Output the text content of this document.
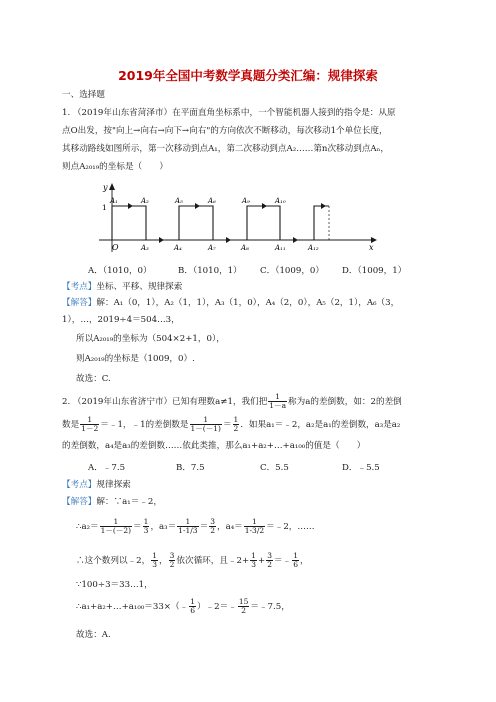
2019年全国中考数学真题分类汇编：规律探索
一、选择题
1. （2019年山东省菏泽市）在平面直角坐标系中，一个智能机器人接到的指令是：从原
点O出发，按"向上→向右→向下→向右"的方向依次不断移动，每次移动1个单位长度，
其移动路线如图所示，第一次移动到点A₁，第二次移动到点A₂……第n次移动到点Aₙ，
则点A₂₀₁₉的坐标是（　　）
y
x
O
1
A₁	A₂	A₅	A₆	A₉	A₁₀
A₃	A₄	A₇	A₈	A₁₁	A₁₂
A．（1010，0）	B．（1010，1） C．（1009，0） D．（1009，1）
【考点】坐标、平移、规律探索
【解答】解：A₁（0，1），A₂（1，1），A₃（1，0），A₄（2，0），A₅（2，1），A₆（3，
1），…，2019÷4＝504…3，
所以A₂₀₁₉的坐标为（504×2+1，0），
则A₂₀₁₉的坐标是（1009，0）.
故选：C.
2. （2019年山东省济宁市）已知有理数a≠1，我们把 $\frac{1}{1-a}$ 称为a的差倒数，如：2的差倒
数是 $\frac{1}{1-2}$ ＝﹣1，﹣1的差倒数是 $\frac{1}{1-(-1)} = \frac{1}{2}$ ．如果a₁＝﹣2，a₂是a₁的差倒数，a₃是a₂
的差倒数，a₄是a₃的差倒数……依此类推，那么a₁+a₂+…+a₁₀₀的值是（　　）
A．﹣7.5	B．7.5	C．5.5	D．﹣5.5
【考点】规律探索
【解答】解：∵a₁＝﹣2，
∴a₂＝ $\frac{1}{1-(-2)} = \frac{1}{3}$ ，$a_3= \frac{1}{1-1/3} = \frac{3}{2}$ ，$a_4= \frac{1}{1-3/2}$ ＝﹣2，……
∴这个数列以﹣2， $\frac{1}{3}$ ， $\frac{3}{2}$ 依次循环，且﹣2+ $\frac{1}{3} + \frac{3}{2}$ ＝﹣ $\frac{1}{6}$ ，
∵100÷3＝33…1，
∴a₁+a₂+…+a₁₀₀＝33×（﹣ $\frac{1}{6}$ ）﹣2＝﹣ $\frac{15}{2}$ ＝﹣7.5，
故选：A.
